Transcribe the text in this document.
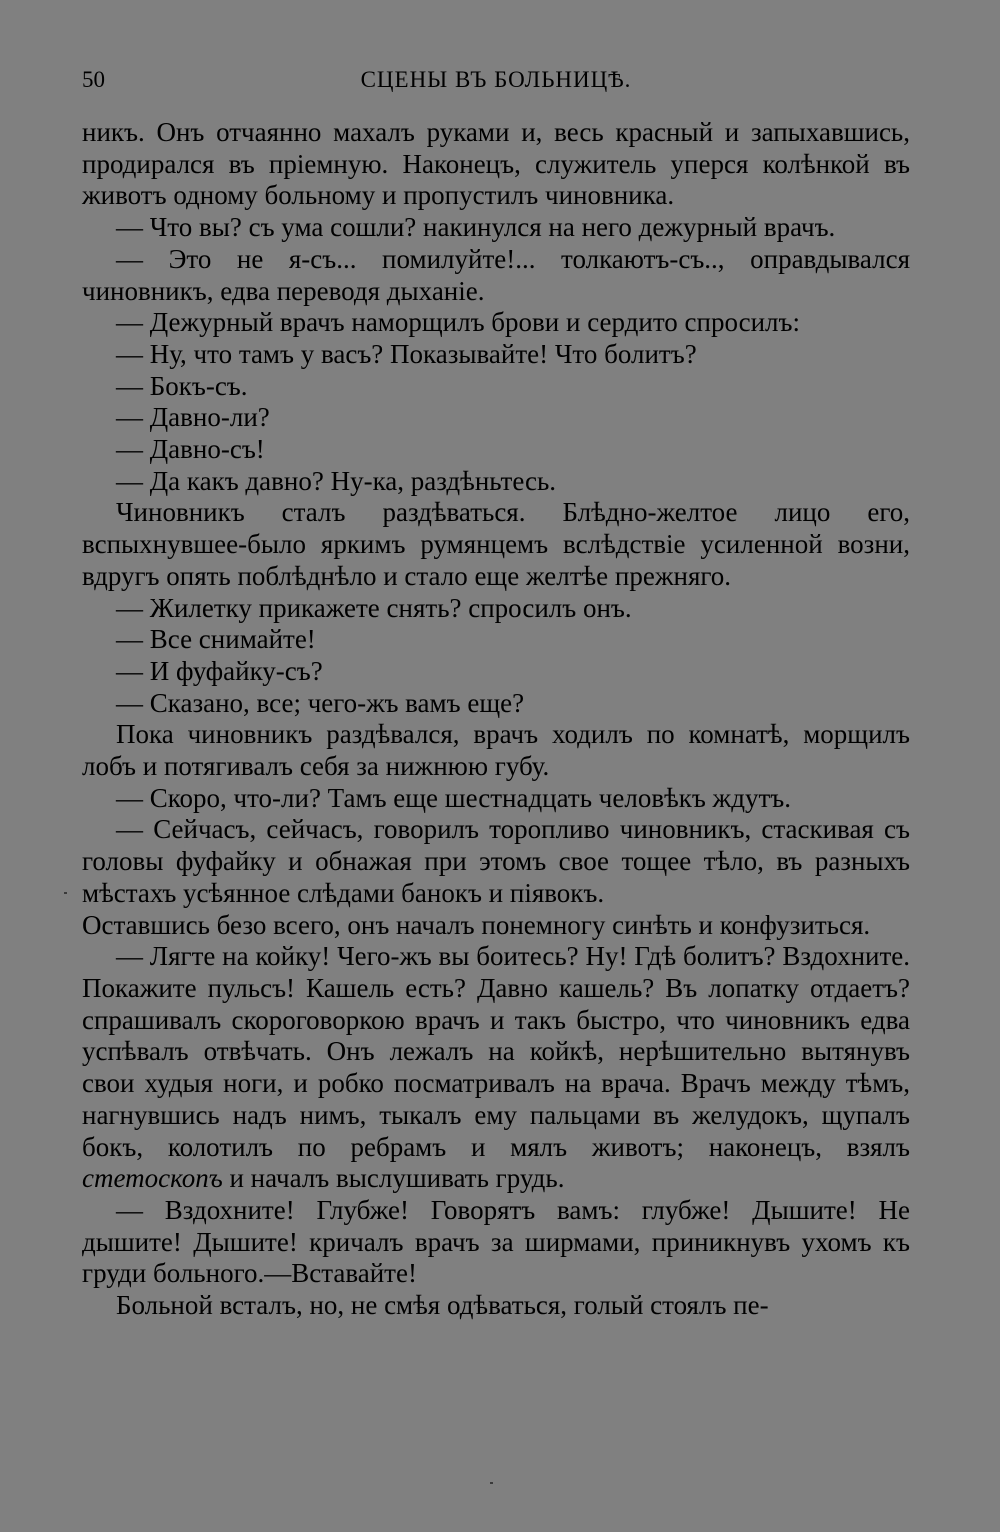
50	СЦЕНЫ ВЪ БОЛЬНИЦѢ.

никъ. Онъ отчаянно махалъ руками и, весь красный и запыхавшись, продирался въ пріемную. Наконецъ, служитель уперся колѣнкой въ животъ одному больному и пропустилъ чиновника.

— Что вы? съ ума сошли? накинулся на него дежурный врачъ.

— Это не я-съ... помилуйте!... толкаютъ-съ.., оправдывался чиновникъ, едва переводя дыханіе.

— Дежурный врачъ наморщилъ брови и сердито спросилъ:

— Ну, что тамъ у васъ? Показывайте! Что болитъ?

— Бокъ-съ.

— Давно-ли?

— Давно-съ!

— Да какъ давно? Ну-ка, раздѣньтесь.

Чиновникъ сталъ раздѣваться. Блѣдно-желтое лицо его, вспыхнувшее-было яркимъ румянцемъ вслѣдствіе усиленной возни, вдругъ опять поблѣднѣло и стало еще желтѣе прежняго.

— Жилетку прикажете снять? спросилъ онъ.

— Все снимайте!

— И фуфайку-съ?

— Сказано, все; чего-жъ вамъ еще?

Пока чиновникъ раздѣвался, врачъ ходилъ по комнатѣ, морщилъ лобъ и потягивалъ себя за нижнюю губу.

— Скоро, что-ли? Тамъ еще шестнадцать человѣкъ ждутъ.

— Сейчасъ, сейчасъ, говорилъ торопливо чиновникъ, стаскивая съ головы фуфайку и обнажая при этомъ свое тощее тѣло, въ разныхъ мѣстахъ усѣянное слѣдами банокъ и піявокъ.

Оставшись безо всего, онъ началъ понемногу синѣть и конфузиться.

— Лягте на койку! Чего-жъ вы боитесь? Ну! Гдѣ болитъ? Вздохните. Покажите пульсъ! Кашель есть? Давно кашель? Въ лопатку отдаетъ? спрашивалъ скороговоркою врачъ и такъ быстро, что чиновникъ едва успѣвалъ отвѣчать. Онъ лежалъ на койкѣ, нерѣшительно вытянувъ свои худыя ноги, и робко посматривалъ на врача. Врачъ между тѣмъ, нагнувшись надъ нимъ, тыкалъ ему пальцами въ желудокъ, щупалъ бокъ, колотилъ по ребрамъ и мялъ животъ; наконецъ, взялъ стетоскопъ и началъ выслушивать грудь.

— Вздохните! Глубже! Говорятъ вамъ: глубже! Дышите! Не дышите! Дышите! кричалъ врачъ за ширмами, приникнувъ ухомъ къ груди больного.—Вставайте!

Больной всталъ, но, не смѣя одѣваться, голый стоялъ пе-
